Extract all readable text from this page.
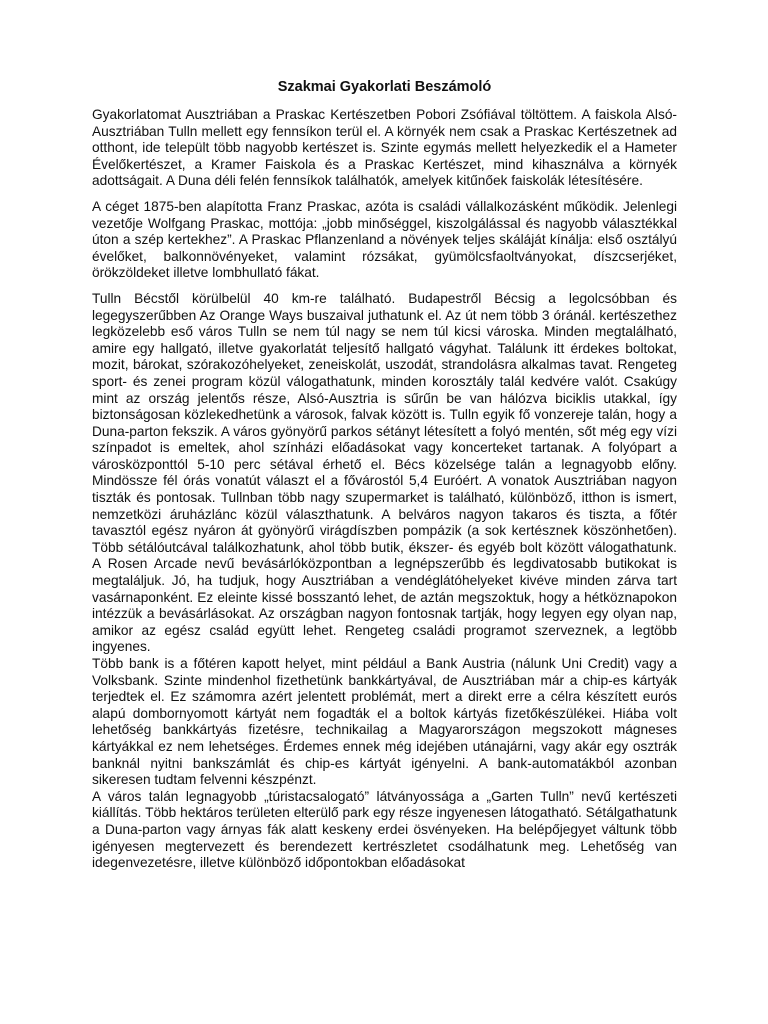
Szakmai Gyakorlati Beszámoló

Gyakorlatomat Ausztriában a Praskac Kertészetben Pobori Zsófiával töltöttem. A faiskola Alsó- Ausztriában Tulln mellett egy fennsíkon terül el. A környék nem csak a Praskac Kertészetnek ad otthont, ide települt több nagyobb kertészet is. Szinte egymás mellett helyezkedik el a Hameter Évelőkertészet, a Kramer Faiskola és a Praskac Kertészet, mind kihasználva a környék adottságait. A Duna déli felén fennsíkok találhatók, amelyek kitűnőek faiskolák létesítésére.

A céget 1875-ben alapította Franz Praskac, azóta is családi vállalkozásként működik. Jelenlegi vezetője Wolfgang Praskac, mottója: „jobb minőséggel, kiszolgálással és nagyobb választékkal úton a szép kertekhez”. A Praskac Pflanzenland a növények teljes skáláját kínálja: első osztályú évelőket, balkonnövényeket, valamint rózsákat, gyümölcsfaoltványokat, díszcserjéket, örökzöldeket illetve lombhullató fákat.

Tulln Bécstől körülbelül 40 km-re található. Budapestről Bécsig a legolcsóbban és legegyszerűbben Az Orange Ways buszaival juthatunk el. Az út nem több 3 óránál. kertészethez legközelebb eső város Tulln se nem túl nagy se nem túl kicsi városka. Minden megtalálható, amire egy hallgató, illetve gyakorlatát teljesítő hallgató vágyhat. Találunk itt érdekes boltokat, mozit, bárokat, szórakozóhelyeket, zeneiskolát, uszodát, strandolásra alkalmas tavat. Rengeteg sport- és zenei program közül válogathatunk, minden korosztály talál kedvére valót. Csakúgy mint az ország jelentős része, Alsó-Ausztria is sűrűn be van hálózva biciklis utakkal, így biztonságosan közlekedhetünk a városok, falvak között is. Tulln egyik fő vonzereje talán, hogy a Duna-parton fekszik. A város gyönyörű parkos sétányt létesített a folyó mentén, sőt még egy vízi színpadot is emeltek, ahol színházi előadásokat vagy koncerteket tartanak. A folyópart a városközponttól 5-10 perc sétával érhető el. Bécs közelsége talán a legnagyobb előny. Mindössze fél órás vonatút választ el a fővárostól 5,4 Euróért. A vonatok Ausztriában nagyon tiszták és pontosak. Tullnban több nagy szupermarket is található, különböző, itthon is ismert, nemzetközi áruházlánc közül választhatunk. A belváros nagyon takaros és tiszta, a főtér tavasztól egész nyáron át gyönyörű virágdíszben pompázik (a sok kertésznek köszönhetően). Több sétálóutcával találkozhatunk, ahol több butik, ékszer- és egyéb bolt között válogathatunk. A Rosen Arcade nevű bevásárlóközpontban a legnépszerűbb és legdivatosabb butikokat is megtaláljuk. Jó, ha tudjuk, hogy Ausztriában a vendéglátóhelyeket kivéve minden zárva tart vasárnaponként. Ez eleinte kissé bosszantó lehet, de aztán megszoktuk, hogy a hétköznapokon intézzük a bevásárlásokat. Az országban nagyon fontosnak tartják, hogy legyen egy olyan nap, amikor az egész család együtt lehet. Rengeteg családi programot szerveznek, a legtöbb ingyenes.

Több bank is a főtéren kapott helyet, mint például a Bank Austria (nálunk Uni Credit) vagy a Volksbank. Szinte mindenhol fizethetünk bankkártyával, de Ausztriában már a chip-es kártyák terjedtek el. Ez számomra azért jelentett problémát, mert a direkt erre a célra készített eurós alapú dombornyomott kártyát nem fogadták el a boltok kártyás fizetőkészülékei. Hiába volt lehetőség bankkártyás fizetésre, technikailag a Magyarországon megszokott mágneses kártyákkal ez nem lehetséges. Érdemes ennek még idejében utánajárni, vagy akár egy osztrák banknál nyitni bankszámlát és chip-es kártyát igényelni. A bank-automatákból azonban sikeresen tudtam felvenni készpénzt.

A város talán legnagyobb „túristacsalogató” látványossága a „Garten Tulln” nevű kertészeti kiállítás. Több hektáros területen elterülő park egy része ingyenesen látogatható. Sétálgathatunk a Duna-parton vagy árnyas fák alatt keskeny erdei ösvényeken. Ha belépőjegyet váltunk több igényesen megtervezett és berendezett kertrészletet csodálhatunk meg. Lehetőség van idegenvezetésre, illetve különböző időpontokban előadásokat
